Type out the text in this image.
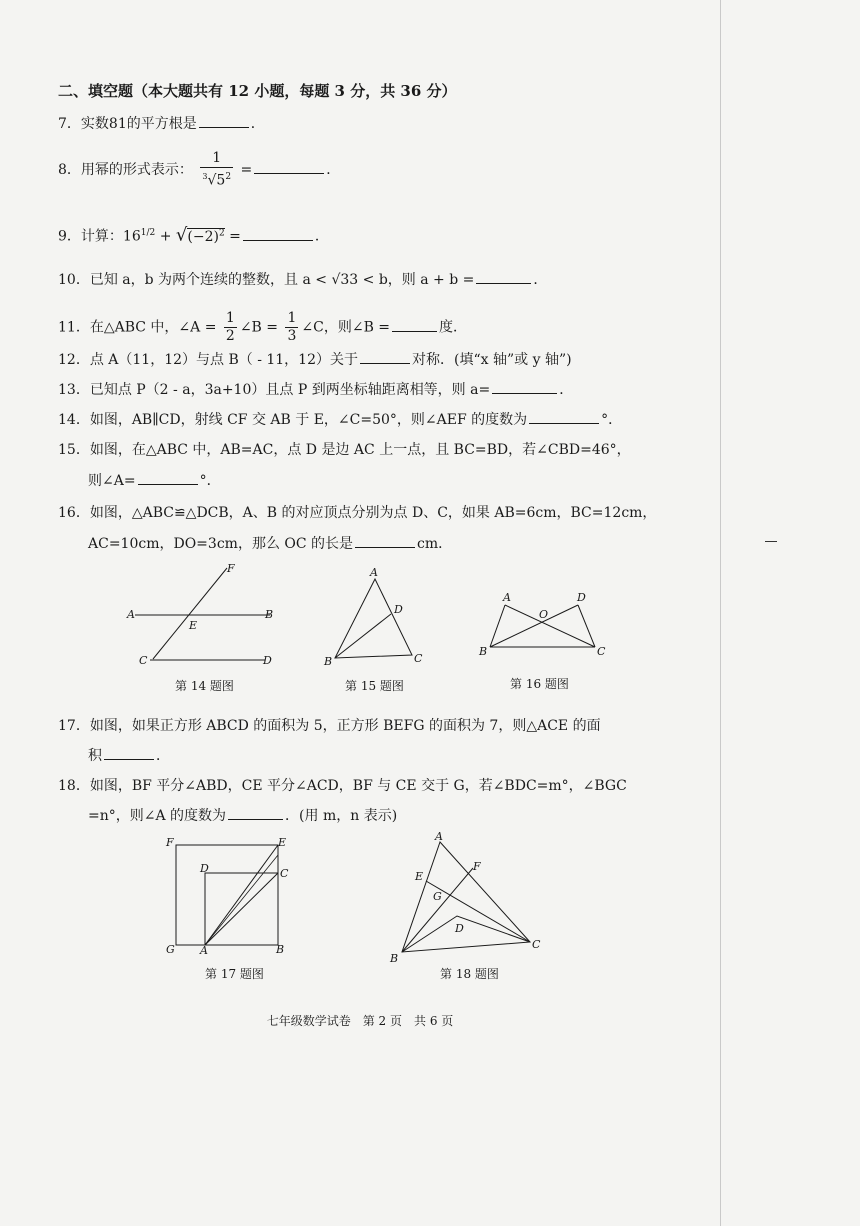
二、填空题（本大题共有 12 小题，每题 3 分，共 36 分）
7．实数81的平方根是	．
8．用幂的形式表示： $\frac{1}{^3√5^2}$ =	．
9．计算：$16^{1/2} + √(-2)^2$ =	．
10．已知 a，b 为两个连续的整数，且 a < √33 < b，则 a + b =	．
11．在△ABC 中，∠A = $\frac{1}{2}$ ∠B = $\frac{1}{3}$ ∠C，则∠B =	度．
12．点 A（11，12）与点 B（ - 11，12）关于	对称．(填“x 轴”或 y 轴”)
13．已知点 P（2 - a，3a+10）且点 P 到两坐标轴距离相等，则 a=	．
14．如图，AB∥CD，射线 CF 交 AB 于 E，∠C=50°，则∠AEF 的度数为	°．
15．如图，在△ABC 中，AB=AC，点 D 是边 AC 上一点，且 BC=BD，若∠CBD=46°，
则∠A=	°．
16．如图，△ABC≌△DCB，A、B 的对应顶点分别为点 D、C，如果 AB=6cm，BC=12cm，
AC=10cm，DO=3cm，那么 OC 的长是	cm．
A	B
C	D
E
F
第 14 题图
A
B	C
D
第 15 题图
A
B	C
D
O
第 16 题图
17．如图，如果正方形 ABCD 的面积为 5，正方形 BEFG 的面积为 7，则△ACE 的面
积	．
18．如图，BF 平分∠ABD，CE 平分∠ACD，BF 与 CE 交于 G，若∠BDC=m°，∠BGC
=n°，则∠A 的度数为	．(用 m，n 表示)
F	E
D	C
G A	B
第 17 题图
A
E
F
G
D
B
C
第 18 题图
七年级数学试卷　第 2 页　共 6 页
